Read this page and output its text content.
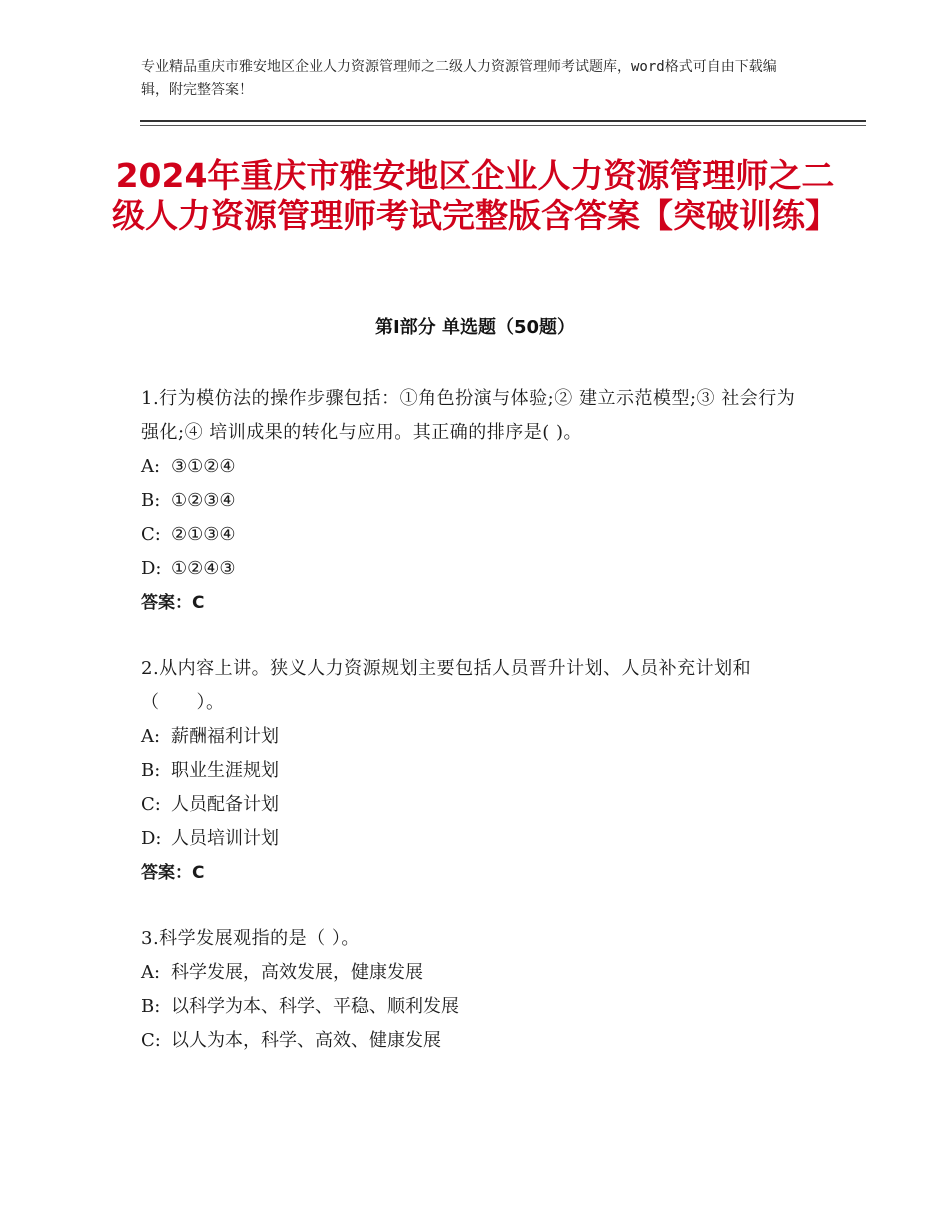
专业精品重庆市雅安地区企业人力资源管理师之二级人力资源管理师考试题库，word格式可自由下载编辑，附完整答案！
2024年重庆市雅安地区企业人力资源管理师之二级人力资源管理师考试完整版含答案【突破训练】
第Ⅰ部分 单选题（50题）
1.行为模仿法的操作步骤包括：①角色扮演与体验;② 建立示范模型;③ 社会行为强化;④ 培训成果的转化与应用。其正确的排序是( )。
A: ③①②④
B: ①②③④
C: ②①③④
D: ①②④③
答案：C
2.从内容上讲。狭义人力资源规划主要包括人员晋升计划、人员补充计划和（　　）。
A: 薪酬福利计划
B: 职业生涯规划
C: 人员配备计划
D: 人员培训计划
答案：C
3.科学发展观指的是（ ）。
A: 科学发展，高效发展，健康发展
B: 以科学为本、科学、平稳、顺利发展
C: 以人为本，科学、高效、健康发展
